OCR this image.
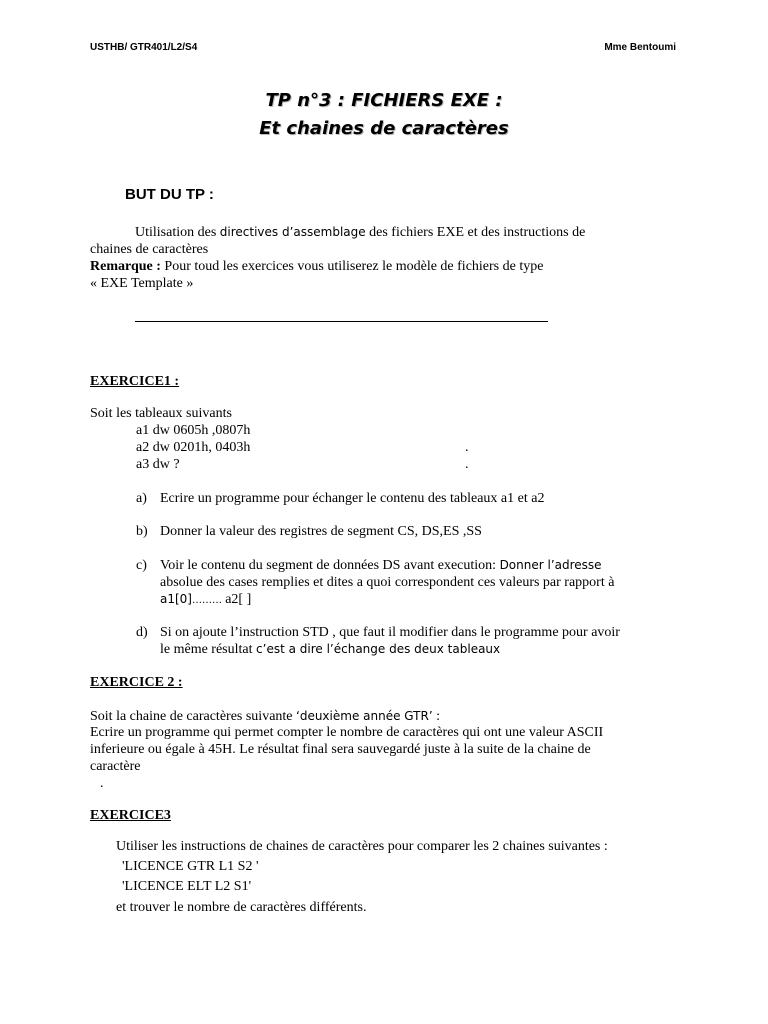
USTHB/ GTR401/L2/S4	Mme Bentoumi
TP n°3 : FICHIERS EXE :
Et chaines de caractères
BUT DU TP :
Utilisation des directives d’assemblage des fichiers EXE et des instructions de
chaines de caractères
Remarque : Pour toud les exercices vous utiliserez le modèle de fichiers de type
« EXE Template »
EXERCICE1 :
Soit les tableaux suivants
a1 dw 0605h ,0807h
a2 dw 0201h, 0403h	.
a3 dw ?	.
a) Ecrire un programme pour échanger le contenu des tableaux a1 et a2
b) Donner la valeur des registres de segment CS, DS,ES ,SS
c) Voir le contenu du segment de données DS avant execution: Donner l’adresse
absolue des cases remplies et dites a quoi correspondent ces valeurs par rapport à
a1[0]……… a2[ ]
d) Si on ajoute l’instruction STD , que faut il modifier dans le programme pour avoir
le même résultat c’est a dire l’échange des deux tableaux
EXERCICE 2 :
Soit la chaine de caractères suivante ‘deuxième année GTR’ :
Ecrire un programme qui permet compter le nombre de caractères qui ont une valeur ASCII
inferieure ou égale à 45H. Le résultat final sera sauvegardé juste à la suite de la chaine de
caractère
.
EXERCICE3
Utiliser les instructions de chaines de caractères pour comparer les 2 chaines suivantes :
'LICENCE GTR L1 S2 '
'LICENCE ELT L2 S1'
et trouver le nombre de caractères différents.
